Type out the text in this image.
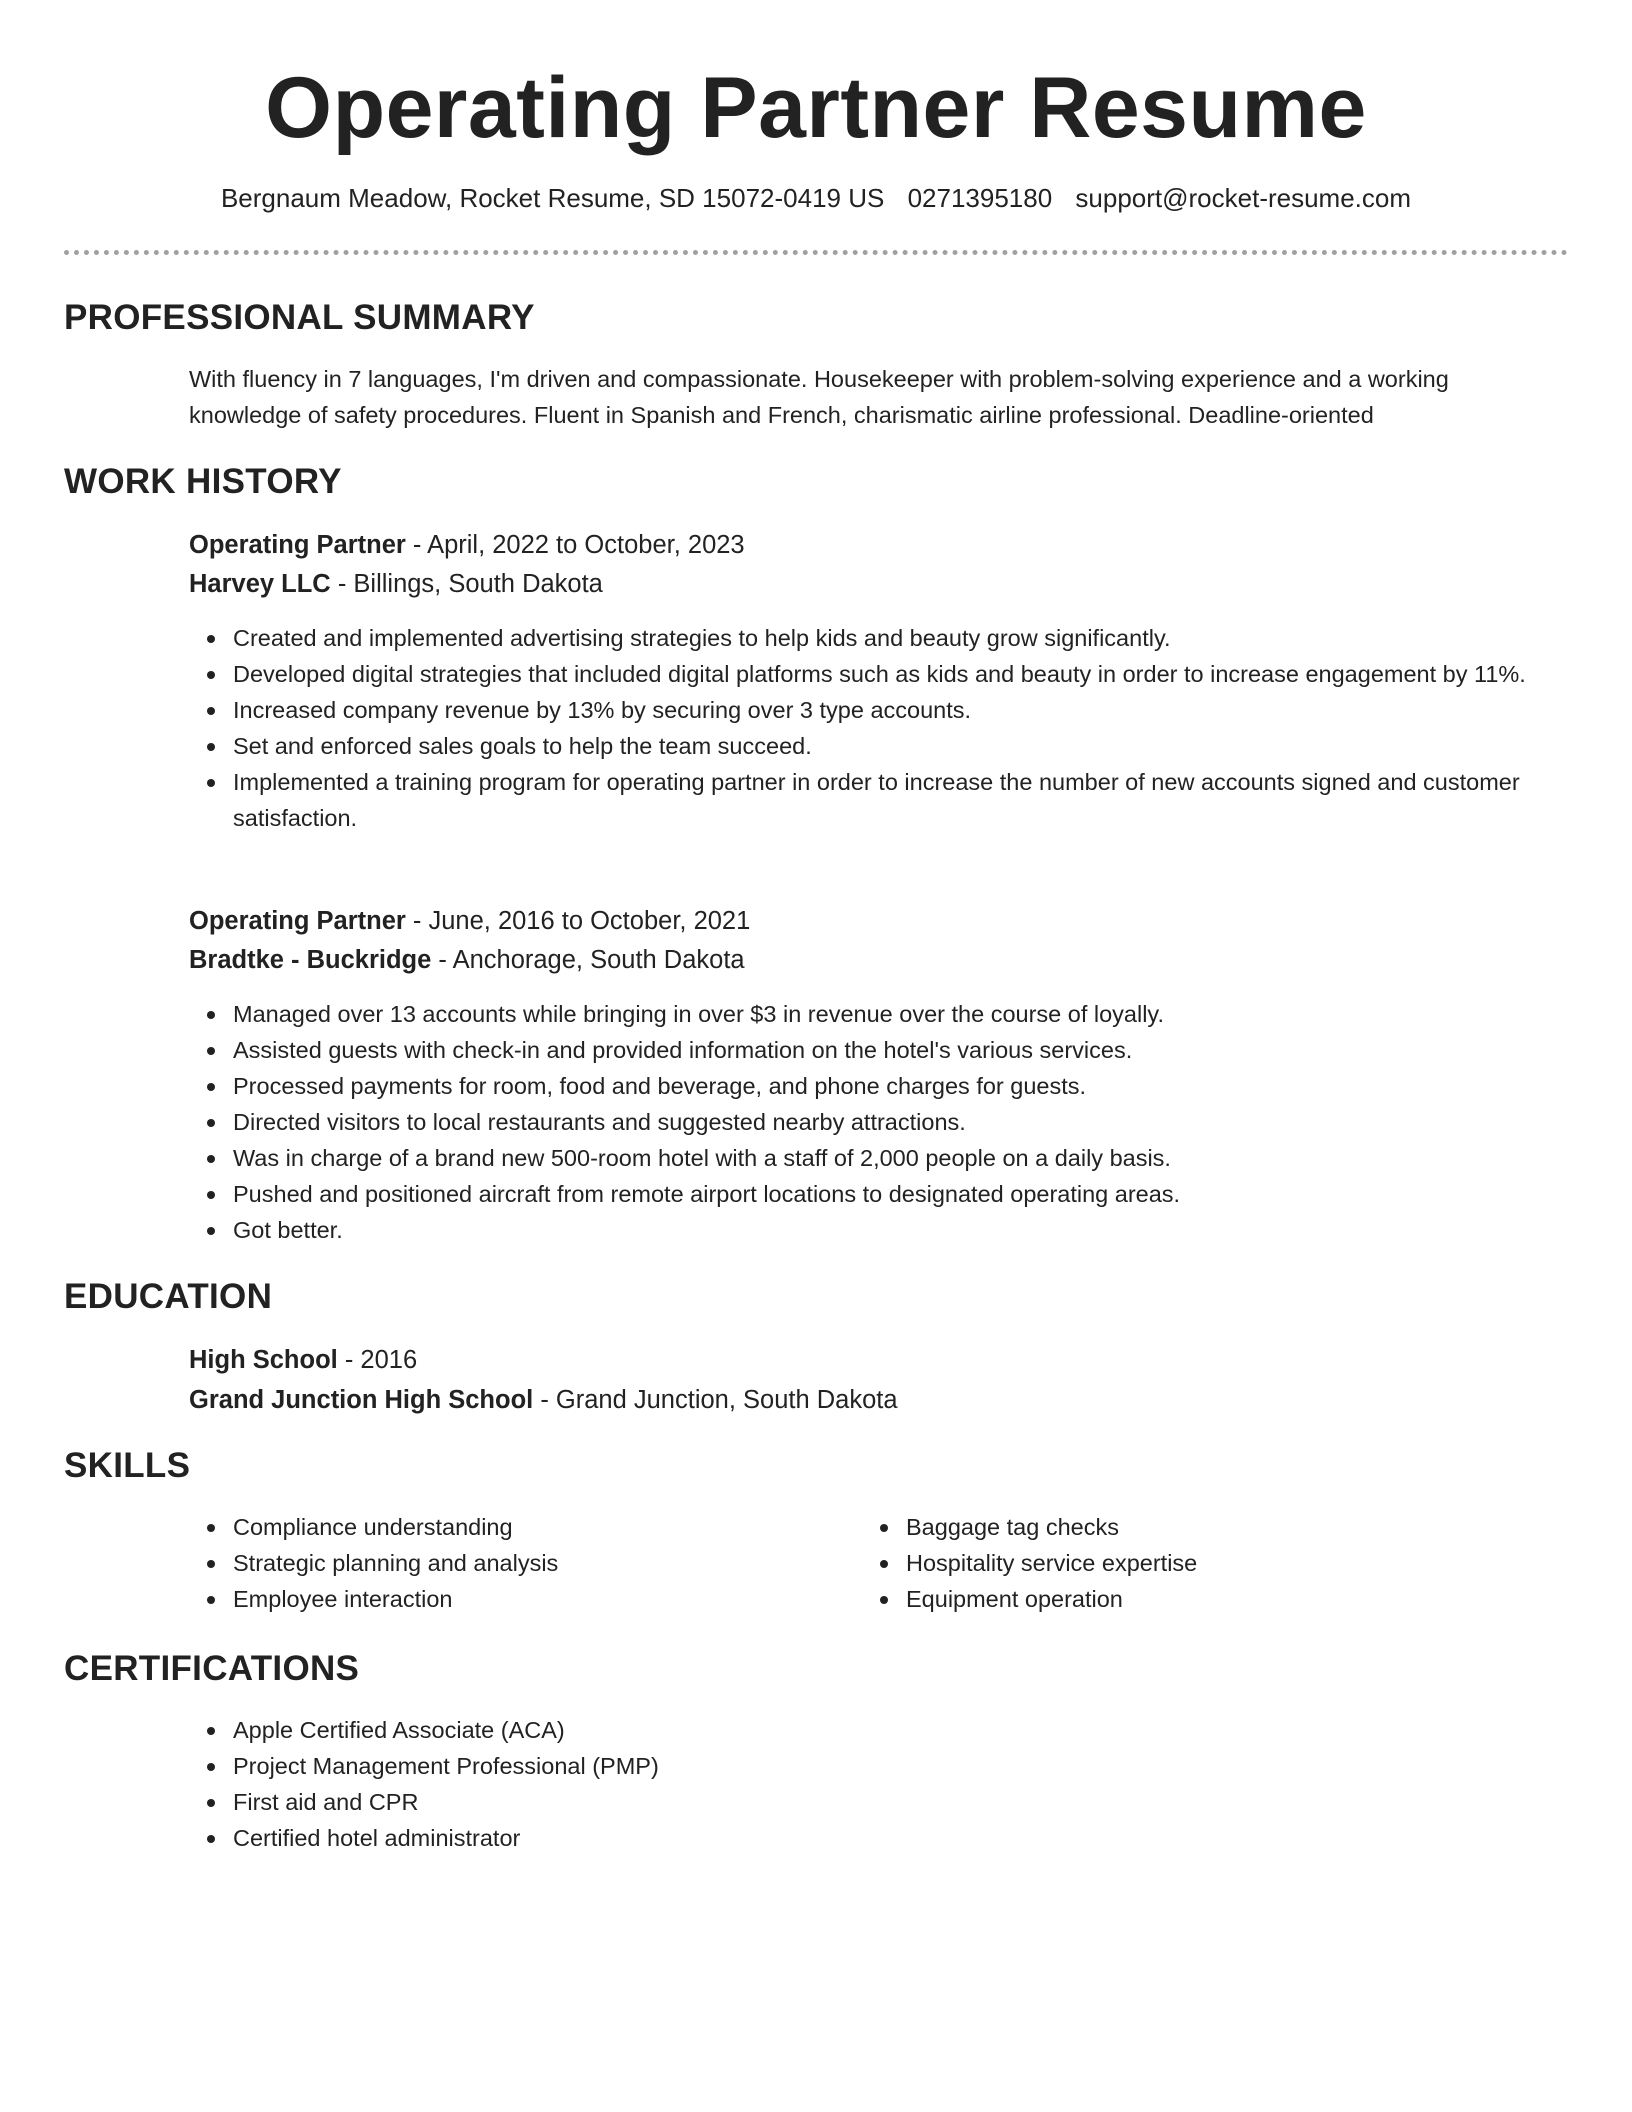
Operating Partner Resume
Bergnaum Meadow, Rocket Resume, SD 15072-0419 US 0271395180 support@rocket-resume.com
PROFESSIONAL SUMMARY
With fluency in 7 languages, I'm driven and compassionate. Housekeeper with problem-solving experience and a working knowledge of safety procedures. Fluent in Spanish and French, charismatic airline professional. Deadline-oriented
WORK HISTORY
Operating Partner - April, 2022 to October, 2023
Harvey LLC - Billings, South Dakota
Created and implemented advertising strategies to help kids and beauty grow significantly.
Developed digital strategies that included digital platforms such as kids and beauty in order to increase engagement by 11%.
Increased company revenue by 13% by securing over 3 type accounts.
Set and enforced sales goals to help the team succeed.
Implemented a training program for operating partner in order to increase the number of new accounts signed and customer satisfaction.
Operating Partner - June, 2016 to October, 2021
Bradtke - Buckridge - Anchorage, South Dakota
Managed over 13 accounts while bringing in over $3 in revenue over the course of loyally.
Assisted guests with check-in and provided information on the hotel's various services.
Processed payments for room, food and beverage, and phone charges for guests.
Directed visitors to local restaurants and suggested nearby attractions.
Was in charge of a brand new 500-room hotel with a staff of 2,000 people on a daily basis.
Pushed and positioned aircraft from remote airport locations to designated operating areas.
Got better.
EDUCATION
High School - 2016
Grand Junction High School - Grand Junction, South Dakota
SKILLS
Compliance understanding
Strategic planning and analysis
Employee interaction
Baggage tag checks
Hospitality service expertise
Equipment operation
CERTIFICATIONS
Apple Certified Associate (ACA)
Project Management Professional (PMP)
First aid and CPR
Certified hotel administrator
